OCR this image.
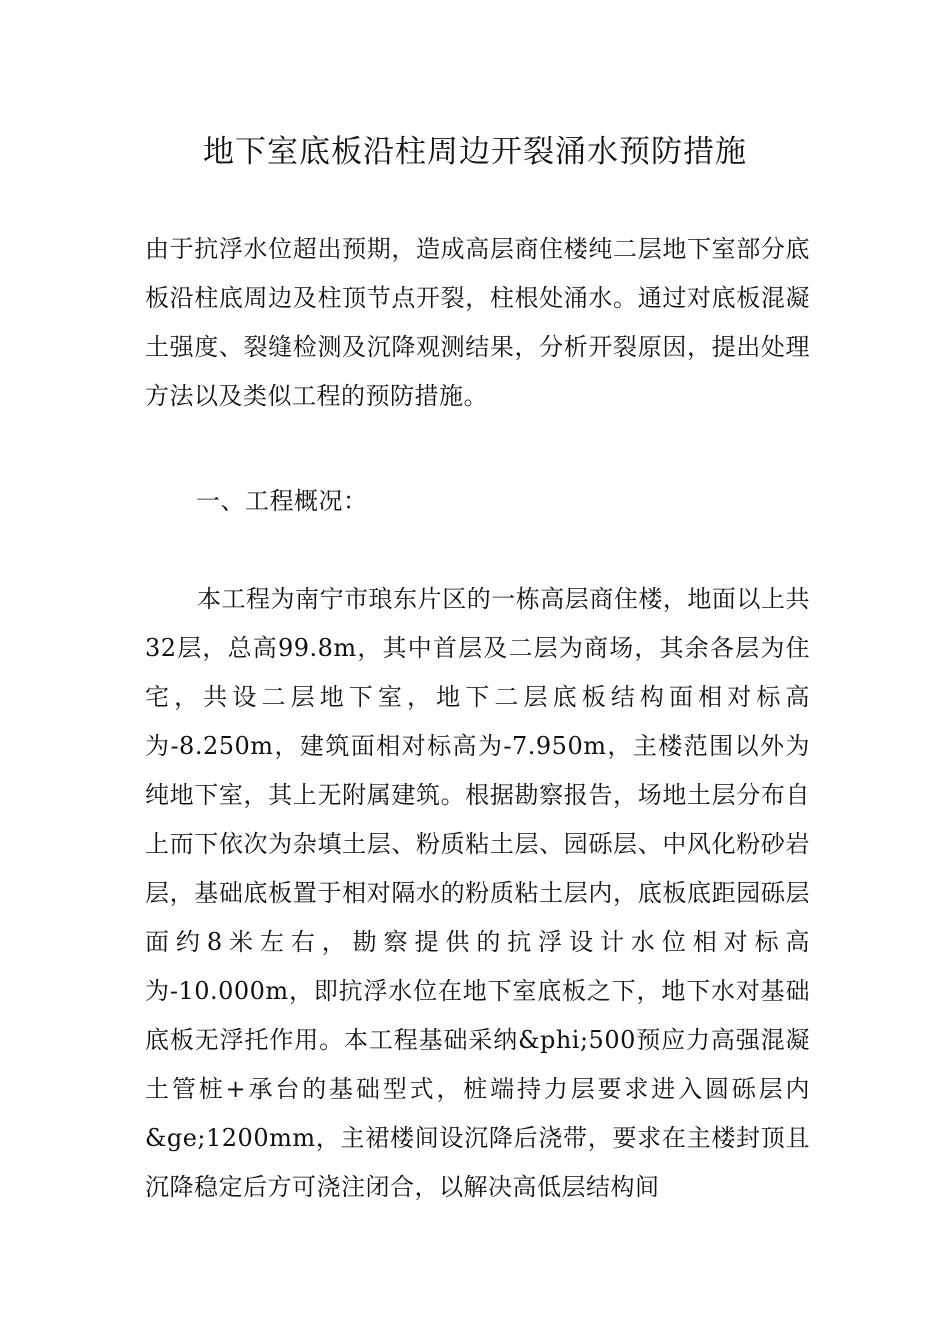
地下室底板沿柱周边开裂涌水预防措施

由于抗浮水位超出预期，造成高层商住楼纯二层地下室部分底板沿柱底周边及柱顶节点开裂，柱根处涌水。通过对底板混凝土强度、裂缝检测及沉降观测结果，分析开裂原因，提出处理方法以及类似工程的预防措施。

一、工程概况：

本工程为南宁市琅东片区的一栋高层商住楼，地面以上共32层，总高99.8m，其中首层及二层为商场，其余各层为住宅，共设二层地下室，地下二层底板结构面相对标高为-8.250m，建筑面相对标高为-7.950m，主楼范围以外为纯地下室，其上无附属建筑。根据勘察报告，场地土层分布自上而下依次为杂填土层、粉质粘土层、园砾层、中风化粉砂岩层，基础底板置于相对隔水的粉质粘土层内，底板底距园砾层面约8米左右，勘察提供的抗浮设计水位相对标高为-10.000m，即抗浮水位在地下室底板之下，地下水对基础底板无浮托作用。本工程基础采纳&phi;500预应力高强混凝土管桩+承台的基础型式，桩端持力层要求进入圆砾层内&ge;1200mm，主裙楼间设沉降后浇带，要求在主楼封顶且沉降稳定后方可浇注闭合，以解决高低层结构间
